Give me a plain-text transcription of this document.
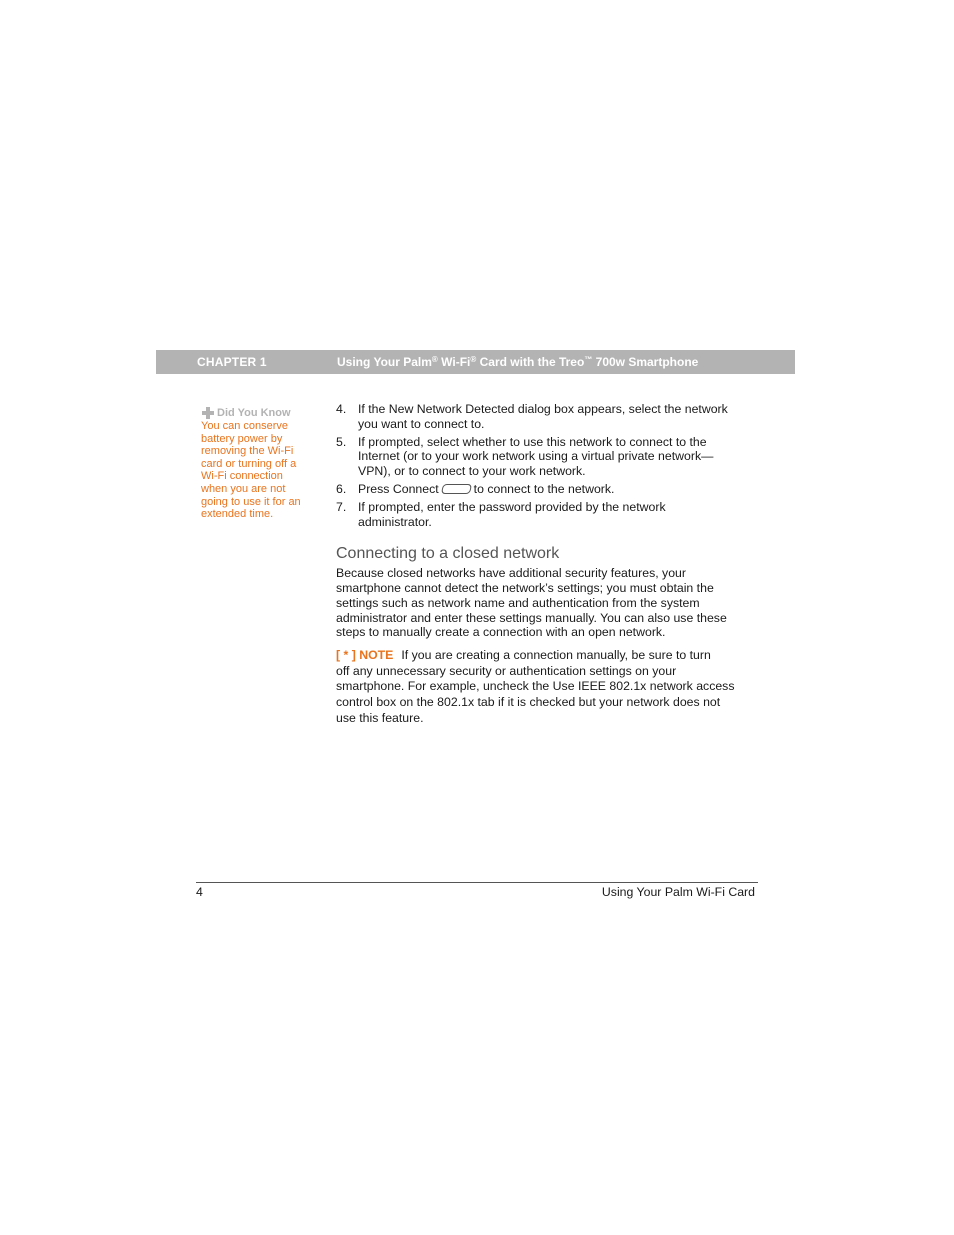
CHAPTER 1	Using Your Palm® Wi-Fi® Card with the Treo™ 700w Smartphone
Did You Know
You can conserve
battery power by
removing the Wi-Fi
card or turning off a
Wi-Fi connection
when you are not
going to use it for an
extended time.
4. If the New Network Detected dialog box appears, select the network
you want to connect to.
5. If prompted, select whether to use this network to connect to the
Internet (or to your work network using a virtual private network—
VPN), or to connect to your work network.
6. Press Connect	to connect to the network.
7. If prompted, enter the password provided by the network
administrator.
Connecting to a closed network
Because closed networks have additional security features, your
smartphone cannot detect the network’s settings; you must obtain the
settings such as network name and authentication from the system
administrator and enter these settings manually. You can also use these
steps to manually create a connection with an open network.
[ * ] NOTE If you are creating a connection manually, be sure to turn
off any unnecessary security or authentication settings on your
smartphone. For example, uncheck the Use IEEE 802.1x network access
control box on the 802.1x tab if it is checked but your network does not
use this feature.
4	Using Your Palm Wi-Fi Card
